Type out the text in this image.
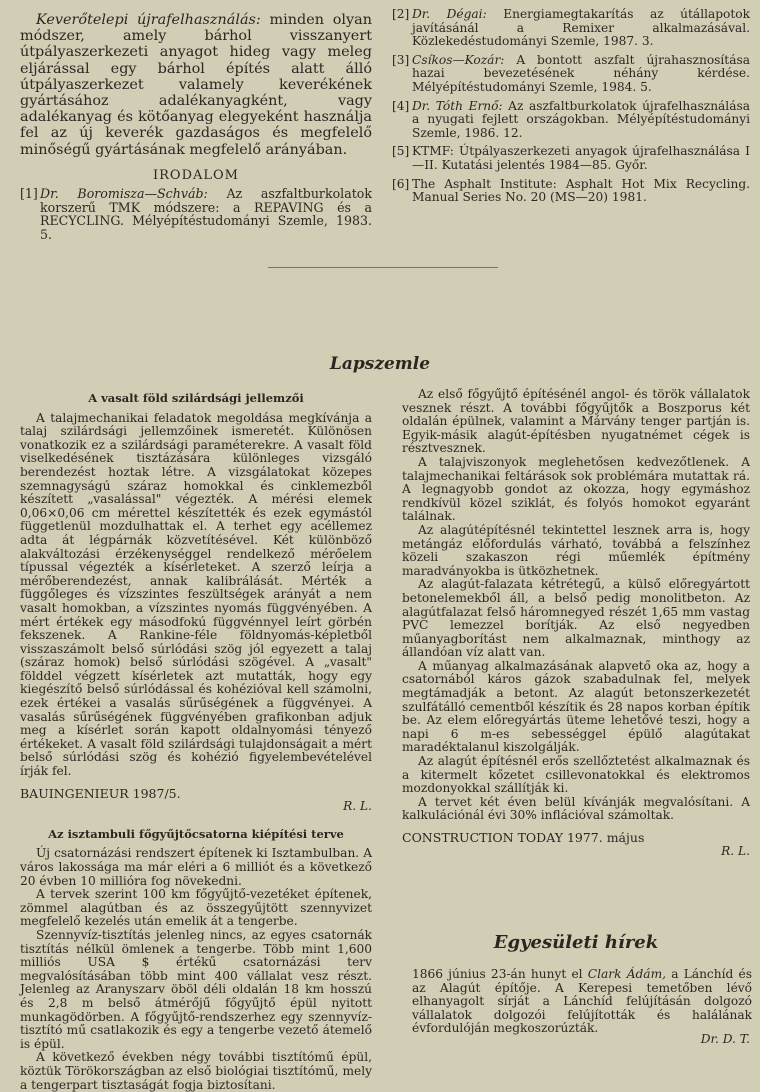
Keverőtelepi újrafelhasználás: minden olyan módszer, amely bárhol visszanyert útpályaszerkezeti anyagot hideg vagy meleg eljárással egy bárhol építés alatt álló útpályaszerkezet valamely keverékének gyártásához adalékanyagként, vagy adalékanyag és kötőanyag elegyeként használja fel az új keverék gazdaságos és megfelelő minőségű gyártásának megfelelő arányában.

IRODALOM
[1] Dr. Boromisza—Schváb: Az aszfaltburkolatok korszerű TMK módszere: a REPAVING és a RECYCLING. Mélyépítéstudományi Szemle, 1983. 5.
[2] Dr. Dégai: Energiamegtakarítás az útállapotok javításánál a Remixer alkalmazásával. Közlekedéstudományi Szemle, 1987. 3.
[3] Csíkos—Kozár: A bontott aszfalt újrahasznosítása hazai bevezetésének néhány kérdése. Mélyépítéstudományi Szemle, 1984. 5.
[4] Dr. Tóth Ernő: Az aszfaltburkolatok újrafelhasználása a nyugati fejlett országokban. Mélyépítéstudományi Szemle, 1986. 12.
[5] KTMF: Útpályaszerkezeti anyagok újrafelhasználása I—II. Kutatási jelentés 1984—85. Győr.
[6] The Asphalt Institute: Asphalt Hot Mix Recycling. Manual Series No. 20 (MS—20) 1981.
Lapszemle
A vasalt föld szilárdsági jellemzői

A talajmechanikai feladatok megoldása megkívánja a talaj szilárdsági jellemzőinek ismeretét. Különösen vonatkozik ez a szilárdsági paraméterekre. A vasalt föld viselkedésének tisztázására különleges vizsgáló berendezést hoztak létre. A vizsgálatokat közepes szemnagyságú száraz homokkal és cinklemezből készített „vasalással" végezték. A mérési elemek 0,06×0,06 cm mérettel készítették és ezek egymástól függetlenül mozdulhattak el. A terhet egy acéllemez adta át légpárnák közvetítésével. Két különböző alakváltozási érzékenységgel rendelkező mérőelem típussal végezték a kísérleteket. A szerző leírja a mérőberendezést, annak kalibrálását. Mérték a függőleges és vízszintes feszültségek arányát a nem vasalt homokban, a vízszintes nyomás függvényében. A mért értékek egy másodfokú függvénnyel leírt görbén fekszenek. A Rankine-féle földnyomás-képletből visszaszámolt belső súrlódási szög jól egyezett a talaj (száraz homok) belső súrlódási szögével. A „vasalt" földdel végzett kísérletek azt mutatták, hogy egy kiegészítő belső súrlódással és kohézióval kell számolni, ezek értékei a vasalás sűrűségének a függvényei. A vasalás sűrűségének függvényében grafikonban adjuk meg a kísérlet során kapott oldalnyomási tényező értékeket. A vasalt föld szilárdsági tulajdonságait a mért belső súrlódási szög és kohézió figyelembevételével írják fel.

BAUINGENIEUR 1987/5.
R. L.
Az isztambuli főgyűjtőcsatorna kiépítési terve

Új csatornázási rendszert építenek ki Isztambulban. A város lakossága ma már eléri a 6 milliót és a következő 20 évben 10 millióra fog növekedni.

A tervek szerint 100 km főgyűjtő-vezetéket építenek, zömmel alagútban és az összegyűjtött szennyvizet megfelelő kezelés után emelik át a tengerbe.

Szennyvíz-tisztítás jelenleg nincs, az egyes csatornák tisztítás nélkül ömlenek a tengerbe. Több mint 1,600 milliós USA $ értékű csatornázási terv megvalósításában több mint 400 vállalat vesz részt. Jelenleg az Aranyszarv öböl déli oldalán 18 km hosszú és 2,8 m belső átmérőjű főgyűjtő épül nyitott munkagödörben. A főgyűjtő-rendszerhez egy szennyvíz-tisztító mű csatlakozik és egy a tengerbe vezető átemelő is épül.

A következő években négy további tisztítómű épül, köztük Törökországban az első biológiai tisztítómű, mely a tengerpart tisztaságát fogja biztosítani.

Az első főgyűjtő építésénél angol- és török vállalatok vesznek részt. A további főgyűjtők a Boszporus két oldalán épülnek, valamint a Márvány tenger partján is. Egyik-másik alagút-építésben nyugatnémet cégek is résztvesznek.

A talajviszonyok meglehetősen kedvezőtlenek. A talajmechanikai feltárások sok problémára mutattak rá. A legnagyobb gondot az okozza, hogy egymáshoz rendkívül közel sziklát, és folyós homokot egyaránt találnak.

Az alagútépítésnél tekintettel lesznek arra is, hogy metángáz előfordulás várható, továbbá a felszínhez közeli szakaszon régi műemlék építmény maradványokba is ütközhetnek.

Az alagút-falazata kétrétegű, a külső előregyártott betonelemekből áll, a belső pedig monolitbeton. Az alagútfalazat felső háromnegyed részét 1,65 mm vastag PVC lemezzel borítják. Az első negyedben műanyagborítást nem alkalmaznak, minthogy az állandóan víz alatt van.

A műanyag alkalmazásának alapvető oka az, hogy a csatornából káros gázok szabadulnak fel, melyek megtámadják a betont. Az alagút betonszerkezetét szulfátálló cementből készítik és 28 napos korban építik be. Az elem előregyártás üteme lehetővé teszi, hogy a napi 6 m-es sebességgel épülő alagútakat maradéktalanul kiszolgálják.

Az alagút építésnél erős szellőztetést alkalmaznak és a kitermelt kőzetet csillevonatokkal és elektromos mozdonyokkal szállítják ki.

A tervet két éven belül kívánják megvalósítani. A kalkulációnál évi 30% inflációval számoltak.

CONSTRUCTION TODAY 1977. május
R. L.
Egyesületi hírek
1866 június 23-án hunyt el Clark Ádám, a Lánchíd és az Alagút építője. A Kerepesi temetőben lévő elhanyagolt sírját a Lánchíd felújításán dolgozó vállalatok dolgozói felújították és halálának évfordulóján megkoszorúzták.
Dr. D. T.
